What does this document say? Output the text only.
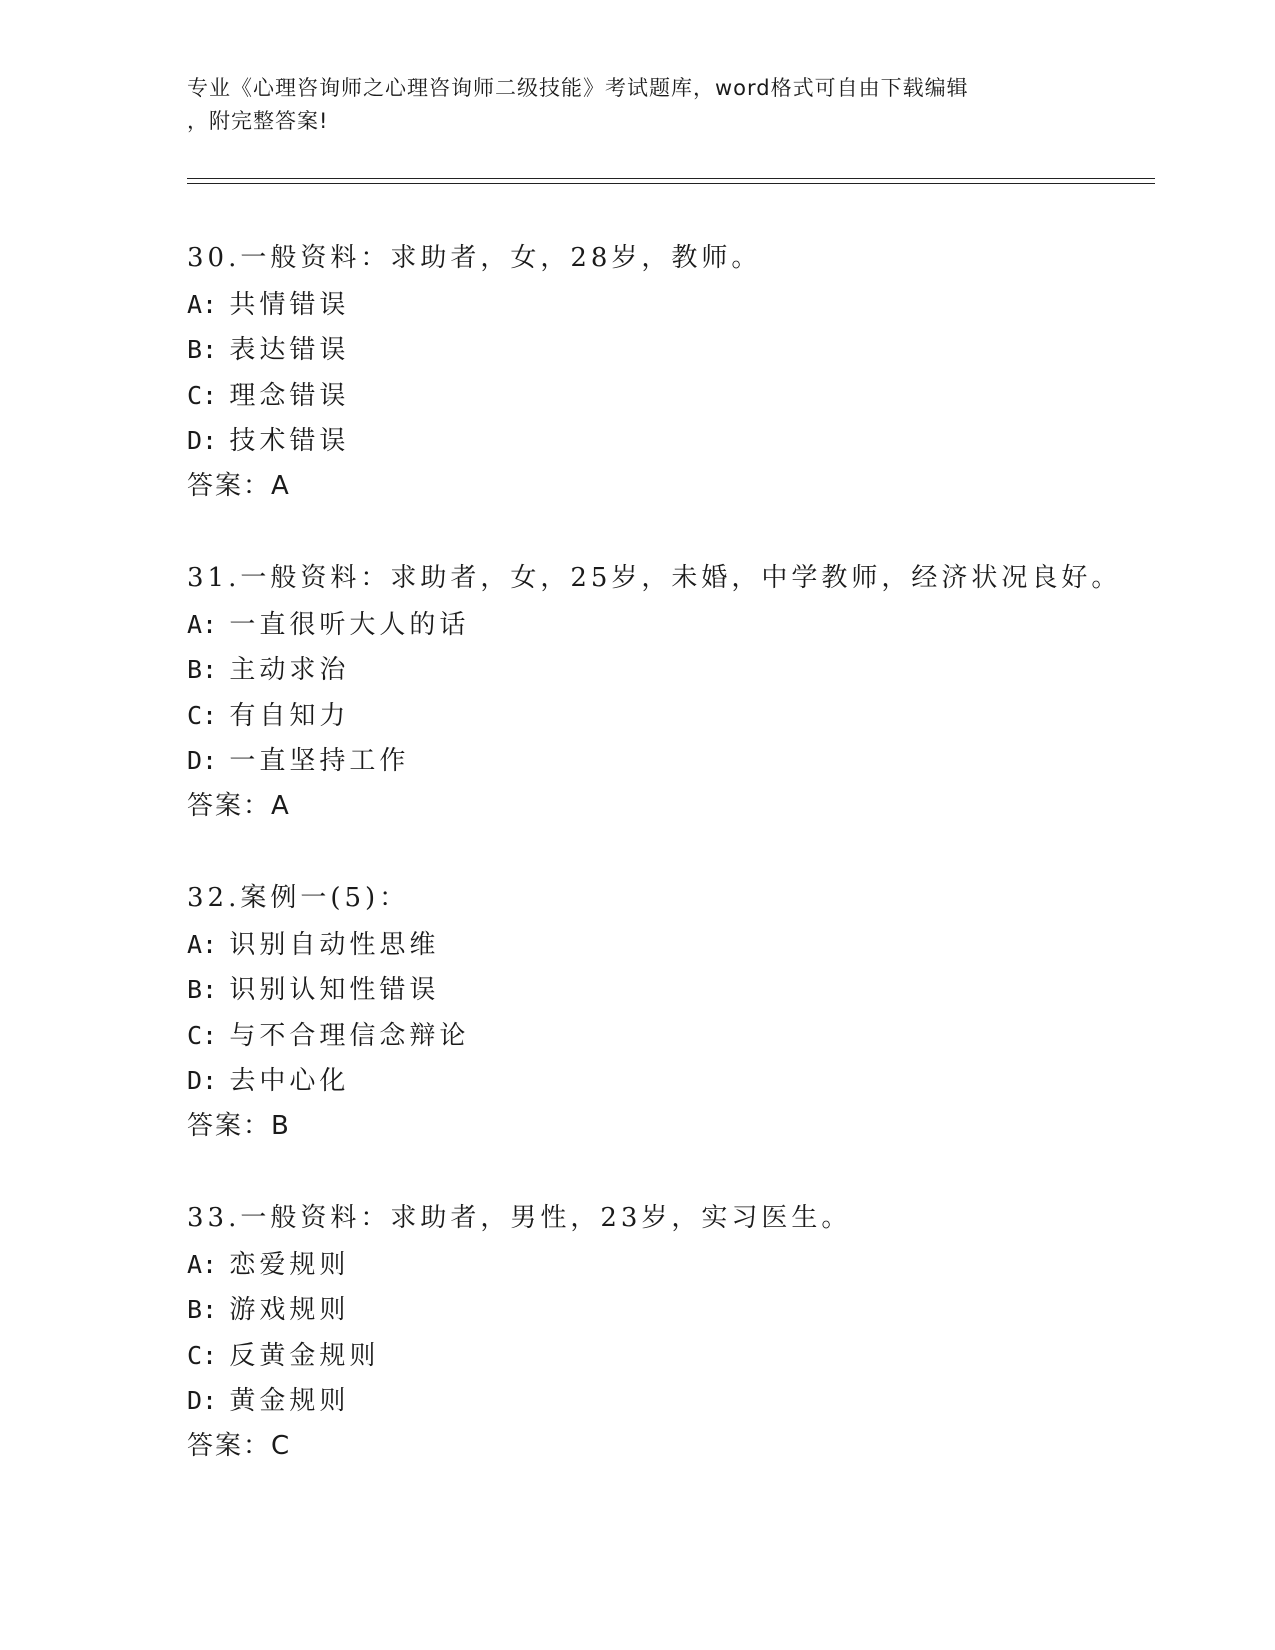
专业《心理咨询师之心理咨询师二级技能》考试题库，word格式可自由下载编辑
，附完整答案!
30.一般资料：求助者，女，28岁，教师。
A: 共情错误
B: 表达错误
C: 理念错误
D: 技术错误
答案：A
31.一般资料：求助者，女，25岁，未婚，中学教师，经济状况良好。
A: 一直很听大人的话
B: 主动求治
C: 有自知力
D: 一直坚持工作
答案：A
32.案例一(5)：
A: 识别自动性思维
B: 识别认知性错误
C: 与不合理信念辩论
D: 去中心化
答案：B
33.一般资料：求助者，男性，23岁，实习医生。
A: 恋爱规则
B: 游戏规则
C: 反黄金规则
D: 黄金规则
答案：C
